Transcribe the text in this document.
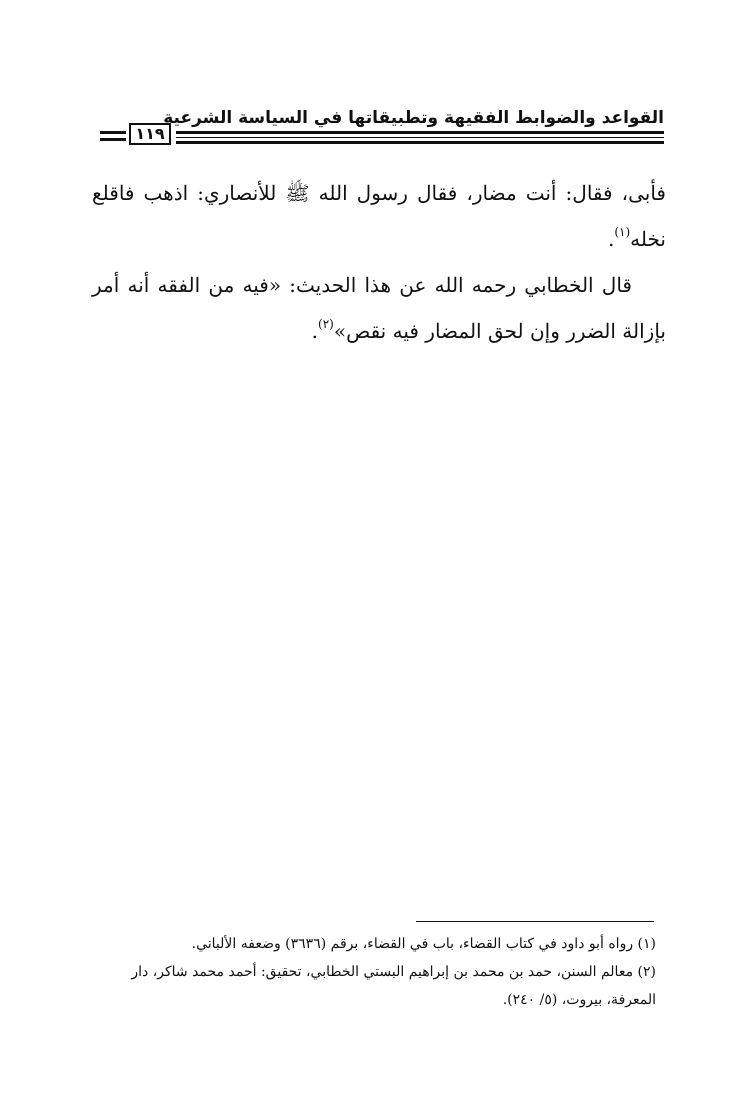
القواعد والضوابط الفقيهة وتطبيقاتها في السياسة الشرعية
١١٩

فأبى، فقال: أنت مضار، فقال رسول الله ﷺ للأنصاري: اذهب فاقلع نخله$^{(١)}$.

قال الخطابي رحمه الله عن هذا الحديث: «فيه من الفقه أنه أمر بإزالة الضرر وإن لحق المضار فيه نقص»$^{(٢)}$.

(١) رواه أبو داود في كتاب القضاء، باب في القضاء، برقم (٣٦٣٦) وضعفه الألباني.

(٢) معالم السنن، حمد بن محمد بن إبراهيم البستي الخطابي، تحقيق: أحمد محمد شاكر، دار المعرفة، بيروت، (٥/ ٢٤٠).
